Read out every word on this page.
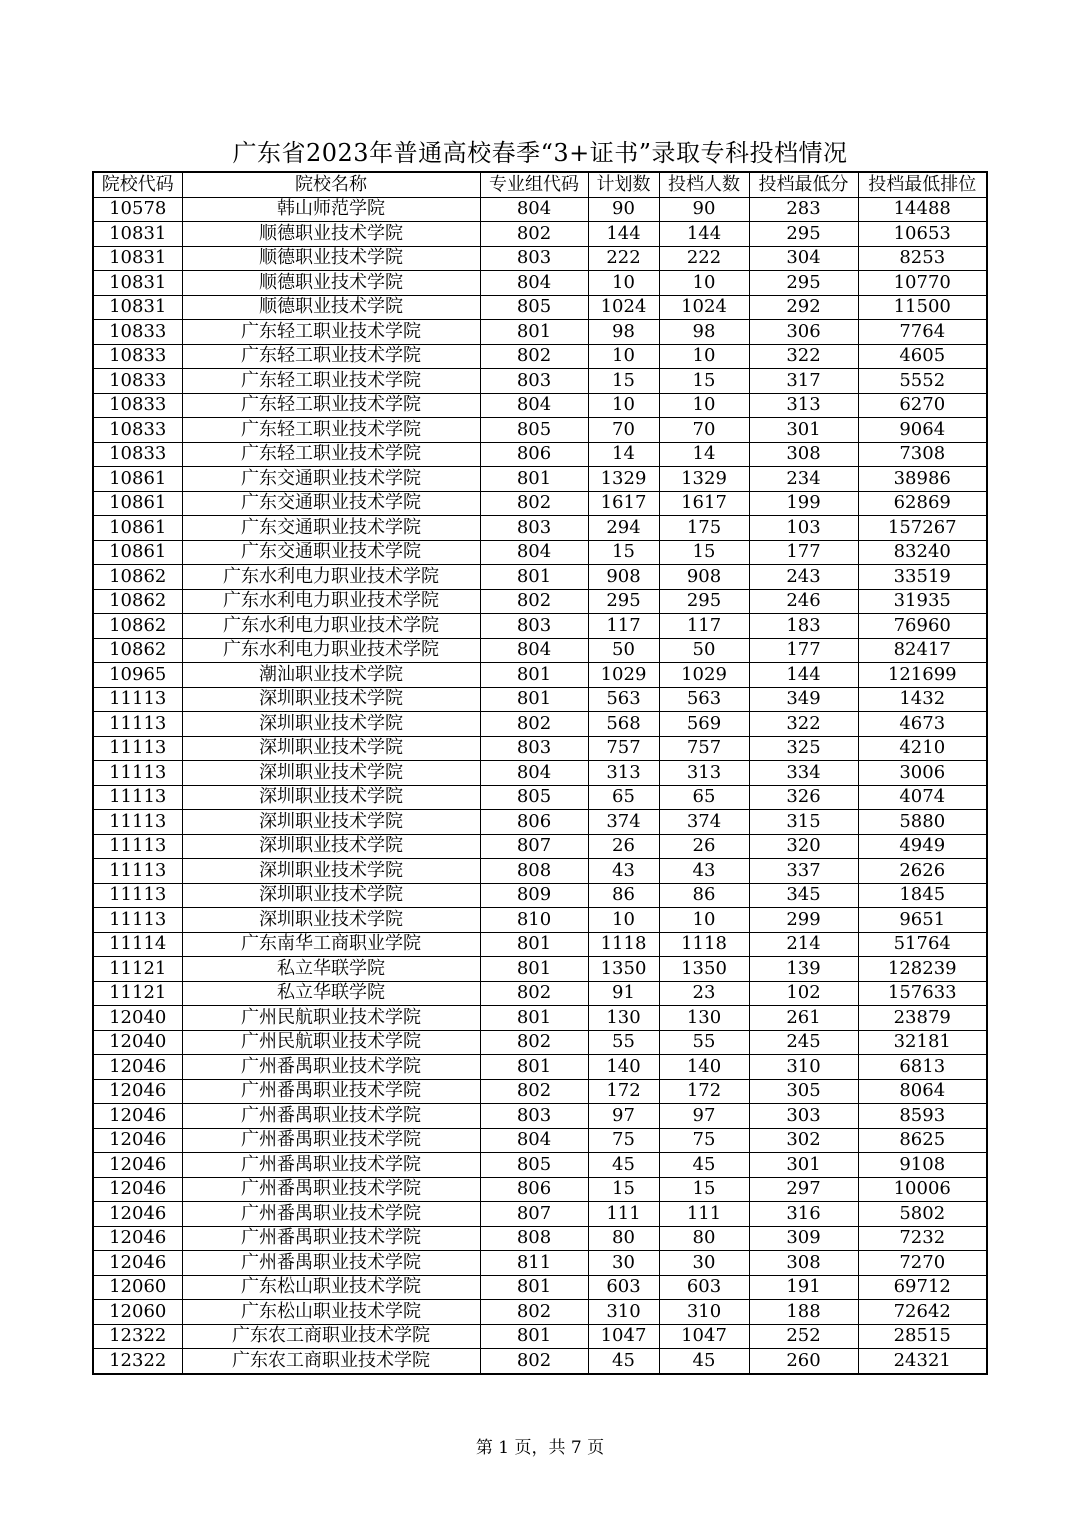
广东省2023年普通高校春季“3+证书”录取专科投档情况
院校代码	院校名称	专业组代码	计划数	投档人数	投档最低分	投档最低排位
10578	韩山师范学院	804	90	90	283	14488
10831	顺德职业技术学院	802	144	144	295	10653
10831	顺德职业技术学院	803	222	222	304	8253
10831	顺德职业技术学院	804	10	10	295	10770
10831	顺德职业技术学院	805	1024	1024	292	11500
10833	广东轻工职业技术学院	801	98	98	306	7764
10833	广东轻工职业技术学院	802	10	10	322	4605
10833	广东轻工职业技术学院	803	15	15	317	5552
10833	广东轻工职业技术学院	804	10	10	313	6270
10833	广东轻工职业技术学院	805	70	70	301	9064
10833	广东轻工职业技术学院	806	14	14	308	7308
10861	广东交通职业技术学院	801	1329	1329	234	38986
10861	广东交通职业技术学院	802	1617	1617	199	62869
10861	广东交通职业技术学院	803	294	175	103	157267
10861	广东交通职业技术学院	804	15	15	177	83240
10862	广东水利电力职业技术学院	801	908	908	243	33519
10862	广东水利电力职业技术学院	802	295	295	246	31935
10862	广东水利电力职业技术学院	803	117	117	183	76960
10862	广东水利电力职业技术学院	804	50	50	177	82417
10965	潮汕职业技术学院	801	1029	1029	144	121699
11113	深圳职业技术学院	801	563	563	349	1432
11113	深圳职业技术学院	802	568	569	322	4673
11113	深圳职业技术学院	803	757	757	325	4210
11113	深圳职业技术学院	804	313	313	334	3006
11113	深圳职业技术学院	805	65	65	326	4074
11113	深圳职业技术学院	806	374	374	315	5880
11113	深圳职业技术学院	807	26	26	320	4949
11113	深圳职业技术学院	808	43	43	337	2626
11113	深圳职业技术学院	809	86	86	345	1845
11113	深圳职业技术学院	810	10	10	299	9651
11114	广东南华工商职业学院	801	1118	1118	214	51764
11121	私立华联学院	801	1350	1350	139	128239
11121	私立华联学院	802	91	23	102	157633
12040	广州民航职业技术学院	801	130	130	261	23879
12040	广州民航职业技术学院	802	55	55	245	32181
12046	广州番禺职业技术学院	801	140	140	310	6813
12046	广州番禺职业技术学院	802	172	172	305	8064
12046	广州番禺职业技术学院	803	97	97	303	8593
12046	广州番禺职业技术学院	804	75	75	302	8625
12046	广州番禺职业技术学院	805	45	45	301	9108
12046	广州番禺职业技术学院	806	15	15	297	10006
12046	广州番禺职业技术学院	807	111	111	316	5802
12046	广州番禺职业技术学院	808	80	80	309	7232
12046	广州番禺职业技术学院	811	30	30	308	7270
12060	广东松山职业技术学院	801	603	603	191	69712
12060	广东松山职业技术学院	802	310	310	188	72642
12322	广东农工商职业技术学院	801	1047	1047	252	28515
12322	广东农工商职业技术学院	802	45	45	260	24321
第 1 页，共 7 页
